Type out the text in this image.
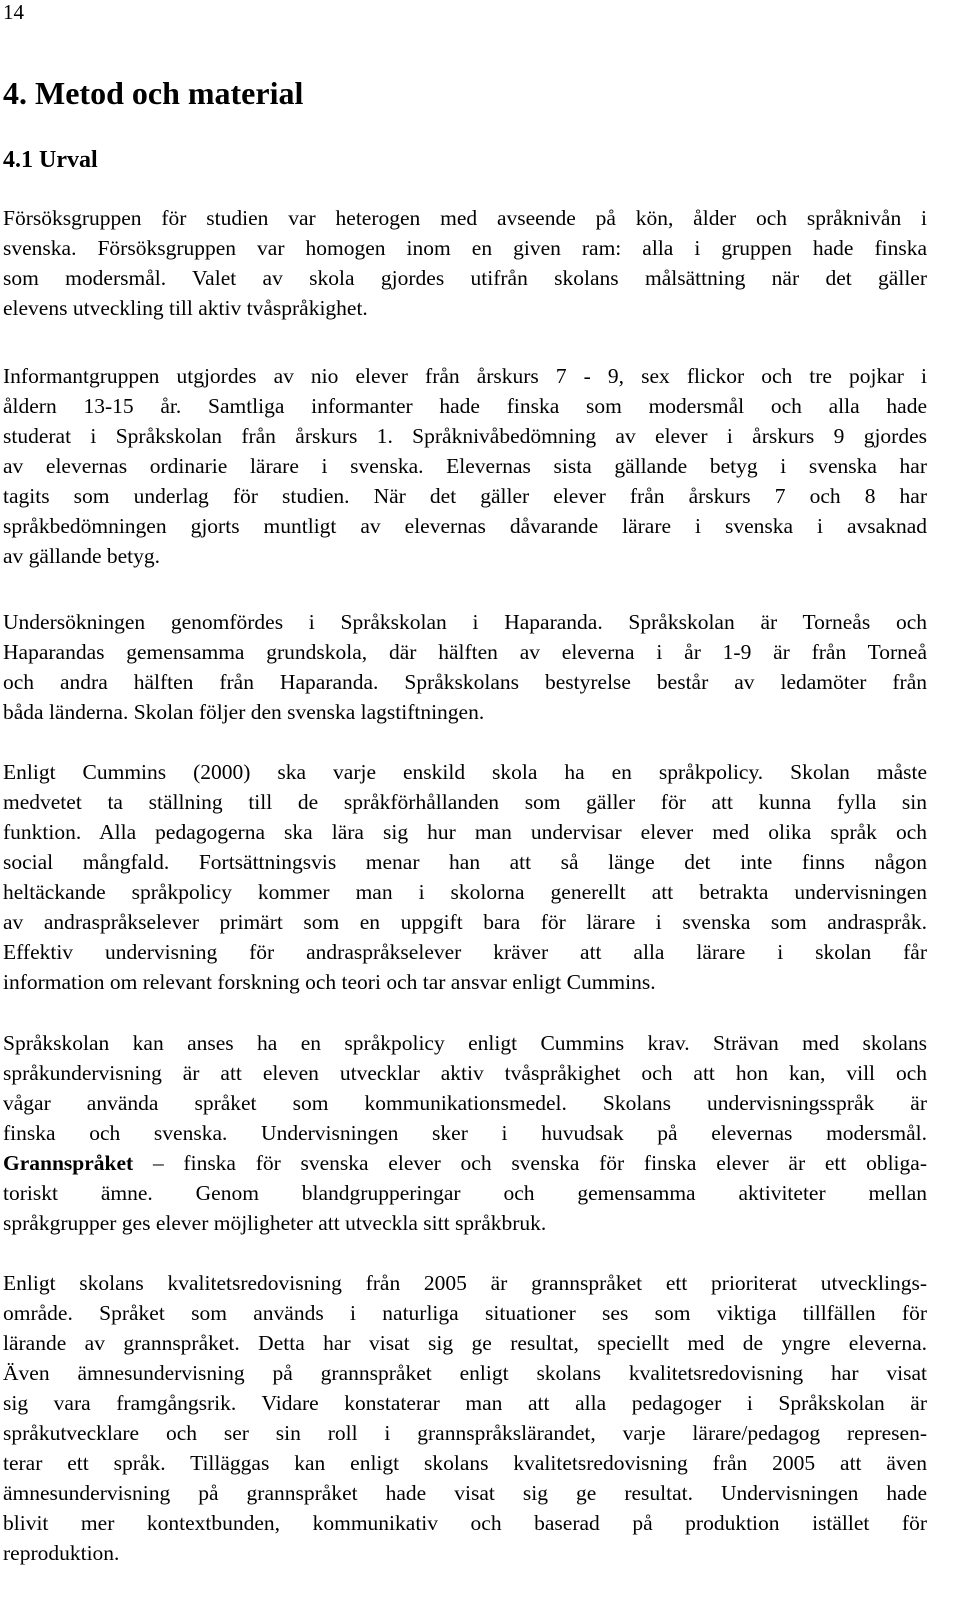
14
4. Metod och material
4.1 Urval
Försöksgruppen för studien var heterogen med avseende på kön, ålder och språknivån i
svenska. Försöksgruppen var homogen inom en given ram: alla i gruppen hade finska
som modersmål. Valet av skola gjordes utifrån skolans målsättning när det gäller
elevens utveckling till aktiv tvåspråkighet.
Informantgruppen utgjordes av nio elever från årskurs 7 - 9, sex flickor och tre pojkar i
åldern 13-15 år. Samtliga informanter hade finska som modersmål och alla hade
studerat i Språkskolan från årskurs 1. Språknivåbedömning av elever i årskurs 9 gjordes
av elevernas ordinarie lärare i svenska. Elevernas sista gällande betyg i svenska har
tagits som underlag för studien. När det gäller elever från årskurs 7 och 8 har
språkbedömningen gjorts muntligt av elevernas dåvarande lärare i svenska i avsaknad
av gällande betyg.
Undersökningen genomfördes i Språkskolan i Haparanda. Språkskolan är Torneås och
Haparandas gemensamma grundskola, där hälften av eleverna i år 1-9 är från Torneå
och andra hälften från Haparanda. Språkskolans bestyrelse består av ledamöter från
båda länderna. Skolan följer den svenska lagstiftningen.
Enligt Cummins (2000) ska varje enskild skola ha en språkpolicy. Skolan måste
medvetet ta ställning till de språkförhållanden som gäller för att kunna fylla sin
funktion. Alla pedagogerna ska lära sig hur man undervisar elever med olika språk och
social mångfald. Fortsättningsvis menar han att så länge det inte finns någon
heltäckande språkpolicy kommer man i skolorna generellt att betrakta undervisningen
av andraspråkselever primärt som en uppgift bara för lärare i svenska som andraspråk.
Effektiv undervisning för andraspråkselever kräver att alla lärare i skolan får
information om relevant forskning och teori och tar ansvar enligt Cummins.
Språkskolan kan anses ha en språkpolicy enligt Cummins krav. Strävan med skolans
språkundervisning är att eleven utvecklar aktiv tvåspråkighet och att hon kan, vill och
vågar använda språket som kommunikationsmedel. Skolans undervisningsspråk är
finska och svenska. Undervisningen sker i huvudsak på elevernas modersmål.
Grannspråket – finska för svenska elever och svenska för finska elever är ett obliga-
toriskt ämne. Genom blandgrupperingar och gemensamma aktiviteter mellan
språkgrupper ges elever möjligheter att utveckla sitt språkbruk.
Enligt skolans kvalitetsredovisning från 2005 är grannspråket ett prioriterat utvecklings-
område. Språket som används i naturliga situationer ses som viktiga tillfällen för
lärande av grannspråket. Detta har visat sig ge resultat, speciellt med de yngre eleverna.
Även ämnesundervisning på grannspråket enligt skolans kvalitetsredovisning har visat
sig vara framgångsrik. Vidare konstaterar man att alla pedagoger i Språkskolan är
språkutvecklare och ser sin roll i grannspråkslärandet, varje lärare/pedagog represen-
terar ett språk. Tilläggas kan enligt skolans kvalitetsredovisning från 2005 att även
ämnesundervisning på grannspråket hade visat sig ge resultat. Undervisningen hade
blivit mer kontextbunden, kommunikativ och baserad på produktion istället för
reproduktion.
